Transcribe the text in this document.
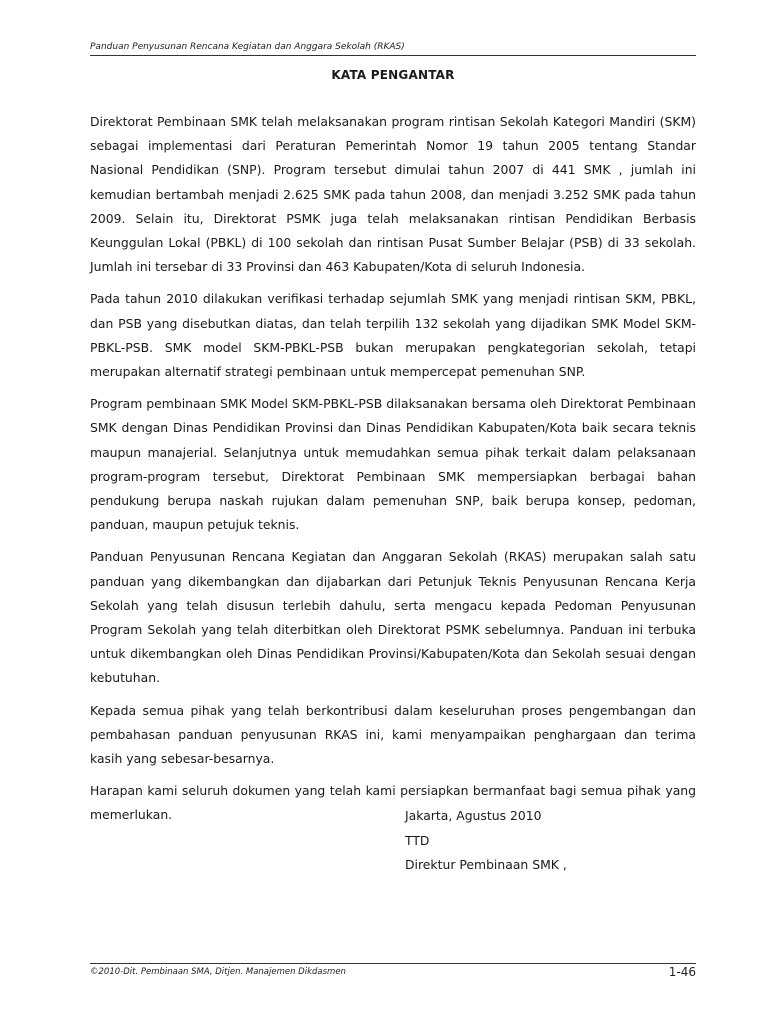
Panduan Penyusunan Rencana Kegiatan dan Anggara Sekolah (RKAS)
KATA PENGANTAR

Direktorat Pembinaan SMK telah melaksanakan program rintisan Sekolah Kategori Mandiri (SKM) sebagai implementasi dari Peraturan Pemerintah Nomor 19 tahun 2005 tentang Standar Nasional Pendidikan (SNP). Program tersebut dimulai tahun 2007 di 441 SMK , jumlah ini kemudian bertambah menjadi 2.625 SMK pada tahun 2008, dan menjadi 3.252 SMK pada tahun 2009. Selain itu, Direktorat PSMK juga telah melaksanakan rintisan Pendidikan Berbasis Keunggulan Lokal (PBKL) di 100 sekolah dan rintisan Pusat Sumber Belajar (PSB) di 33 sekolah. Jumlah ini tersebar di 33 Provinsi dan 463 Kabupaten/Kota di seluruh Indonesia.

Pada tahun 2010 dilakukan verifikasi terhadap sejumlah SMK yang menjadi rintisan SKM, PBKL, dan PSB yang disebutkan diatas, dan telah terpilih 132 sekolah yang dijadikan SMK Model SKM-PBKL-PSB. SMK model SKM-PBKL-PSB bukan merupakan pengkategorian sekolah, tetapi merupakan alternatif strategi pembinaan untuk mempercepat pemenuhan SNP.

Program pembinaan SMK Model SKM-PBKL-PSB dilaksanakan bersama oleh Direktorat Pembinaan SMK dengan Dinas Pendidikan Provinsi dan Dinas Pendidikan Kabupaten/Kota baik secara teknis maupun manajerial. Selanjutnya untuk memudahkan semua pihak terkait dalam pelaksanaan program-program tersebut, Direktorat Pembinaan SMK mempersiapkan berbagai bahan pendukung berupa naskah rujukan dalam pemenuhan SNP, baik berupa konsep, pedoman, panduan, maupun petujuk teknis.

Panduan Penyusunan Rencana Kegiatan dan Anggaran Sekolah (RKAS) merupakan salah satu panduan yang dikembangkan dan dijabarkan dari Petunjuk Teknis Penyusunan Rencana Kerja Sekolah yang telah disusun terlebih dahulu, serta mengacu kepada Pedoman Penyusunan Program Sekolah yang telah diterbitkan oleh Direktorat PSMK sebelumnya. Panduan ini terbuka untuk dikembangkan oleh Dinas Pendidikan Provinsi/Kabupaten/Kota dan Sekolah sesuai dengan kebutuhan.

Kepada semua pihak yang telah berkontribusi dalam keseluruhan proses pengembangan dan pembahasan panduan penyusunan RKAS ini, kami menyampaikan penghargaan dan terima kasih yang sebesar-besarnya.

Harapan kami seluruh dokumen yang telah kami persiapkan bermanfaat bagi semua pihak yang memerlukan.	Jakarta, Agustus 2010
TTD
Direktur Pembinaan SMK ,
©2010-Dit. Pembinaan SMA, Ditjen. Manajemen Dikdasmen	1-46
